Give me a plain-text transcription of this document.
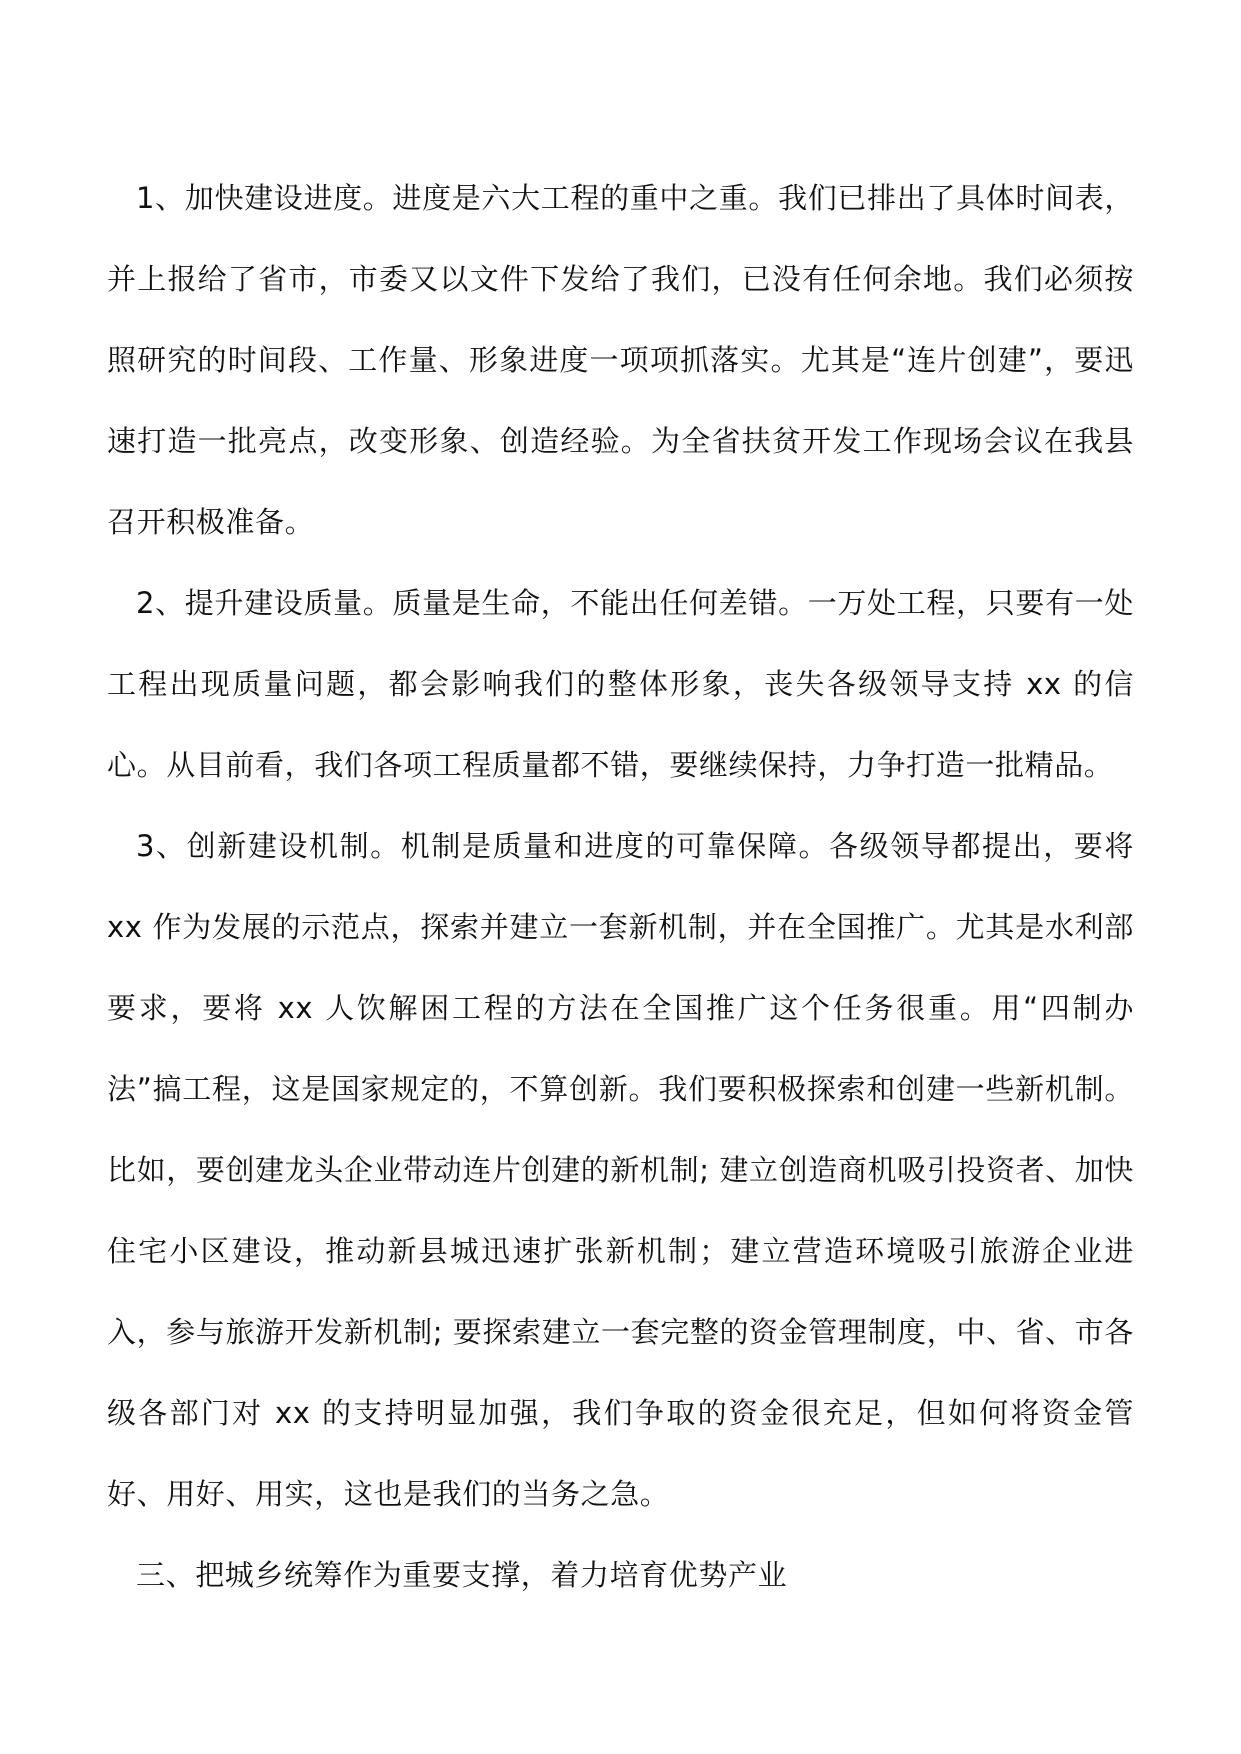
1、加快建设进度。进度是六大工程的重中之重。我们已排出了具体时间表，并上报给了省市，市委又以文件下发给了我们，已没有任何余地。我们必须按照研究的时间段、工作量、形象进度一项项抓落实。尤其是“连片创建”，要迅速打造一批亮点，改变形象、创造经验。为全省扶贫开发工作现场会议在我县召开积极准备。

2、提升建设质量。质量是生命，不能出任何差错。一万处工程，只要有一处工程出现质量问题，都会影响我们的整体形象，丧失各级领导支持 xx 的信心。从目前看，我们各项工程质量都不错，要继续保持，力争打造一批精品。

3、创新建设机制。机制是质量和进度的可靠保障。各级领导都提出，要将 xx 作为发展的示范点，探索并建立一套新机制，并在全国推广。尤其是水利部要求，要将 xx 人饮解困工程的方法在全国推广这个任务很重。用“四制办法”搞工程，这是国家规定的，不算创新。我们要积极探索和创建一些新机制。比如，要创建龙头企业带动连片创建的新机制; 建立创造商机吸引投资者、加快住宅小区建设，推动新县城迅速扩张新机制；建立营造环境吸引旅游企业进入，参与旅游开发新机制; 要探索建立一套完整的资金管理制度，中、省、市各级各部门对 xx 的支持明显加强，我们争取的资金很充足，但如何将资金管好、用好、用实，这也是我们的当务之急。

三、把城乡统筹作为重要支撑，着力培育优势产业
